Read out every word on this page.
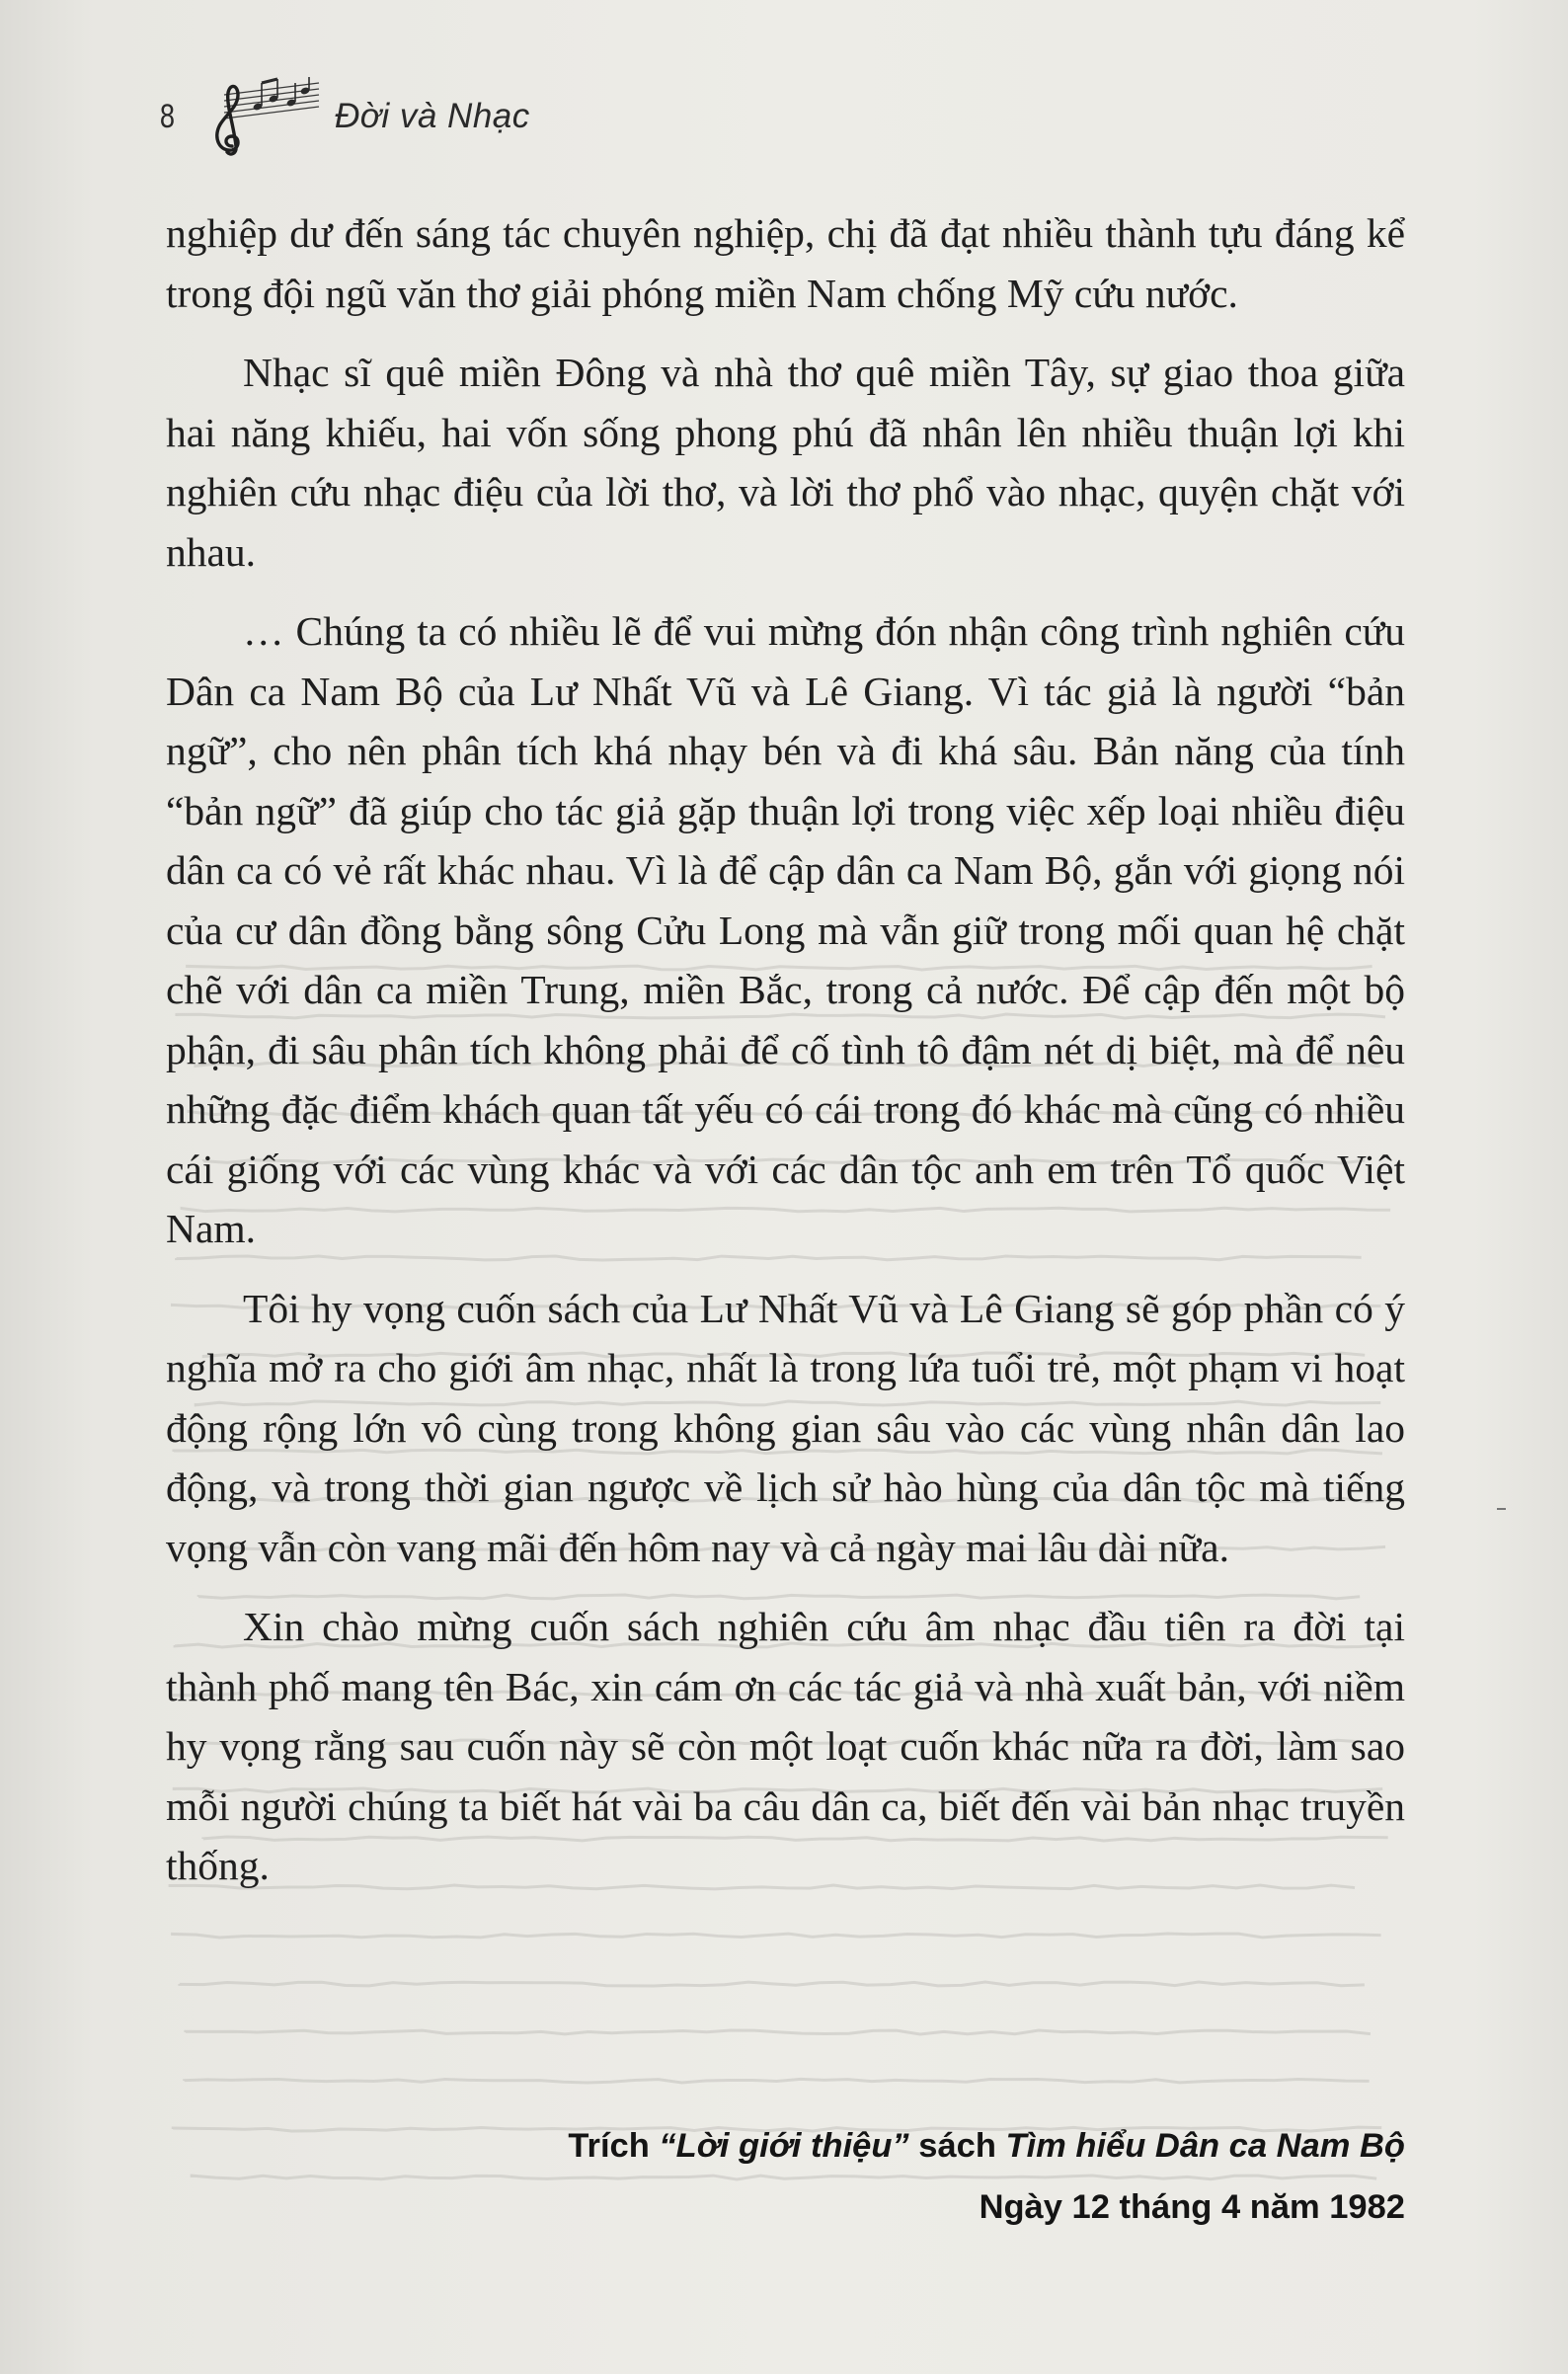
8	Đời và Nhạc

nghiệp dư đến sáng tác chuyên nghiệp, chị đã đạt nhiều thành tựu đáng kể trong đội ngũ văn thơ giải phóng miền Nam chống Mỹ cứu nước.

Nhạc sĩ quê miền Đông và nhà thơ quê miền Tây, sự giao thoa giữa hai năng khiếu, hai vốn sống phong phú đã nhân lên nhiều thuận lợi khi nghiên cứu nhạc điệu của lời thơ, và lời thơ phổ vào nhạc, quyện chặt với nhau.

… Chúng ta có nhiều lẽ để vui mừng đón nhận công trình nghiên cứu Dân ca Nam Bộ của Lư Nhất Vũ và Lê Giang. Vì tác giả là người “bản ngữ”, cho nên phân tích khá nhạy bén và đi khá sâu. Bản năng của tính “bản ngữ” đã giúp cho tác giả gặp thuận lợi trong việc xếp loại nhiều điệu dân ca có vẻ rất khác nhau. Vì là để cập dân ca Nam Bộ, gắn với giọng nói của cư dân đồng bằng sông Cửu Long mà vẫn giữ trong mối quan hệ chặt chẽ với dân ca miền Trung, miền Bắc, trong cả nước. Để cập đến một bộ phận, đi sâu phân tích không phải để cố tình tô đậm nét dị biệt, mà để nêu những đặc điểm khách quan tất yếu có cái trong đó khác mà cũng có nhiều cái giống với các vùng khác và với các dân tộc anh em trên Tổ quốc Việt Nam.

Tôi hy vọng cuốn sách của Lư Nhất Vũ và Lê Giang sẽ góp phần có ý nghĩa mở ra cho giới âm nhạc, nhất là trong lứa tuổi trẻ, một phạm vi hoạt động rộng lớn vô cùng trong không gian sâu vào các vùng nhân dân lao động, và trong thời gian ngược về lịch sử hào hùng của dân tộc mà tiếng vọng vẫn còn vang mãi đến hôm nay và cả ngày mai lâu dài nữa.

Xin chào mừng cuốn sách nghiên cứu âm nhạc đầu tiên ra đời tại thành phố mang tên Bác, xin cám ơn các tác giả và nhà xuất bản, với niềm hy vọng rằng sau cuốn này sẽ còn một loạt cuốn khác nữa ra đời, làm sao mỗi người chúng ta biết hát vài ba câu dân ca, biết đến vài bản nhạc truyền thống.

Trích “Lời giới thiệu” sách Tìm hiểu Dân ca Nam Bộ
Ngày 12 tháng 4 năm 1982
